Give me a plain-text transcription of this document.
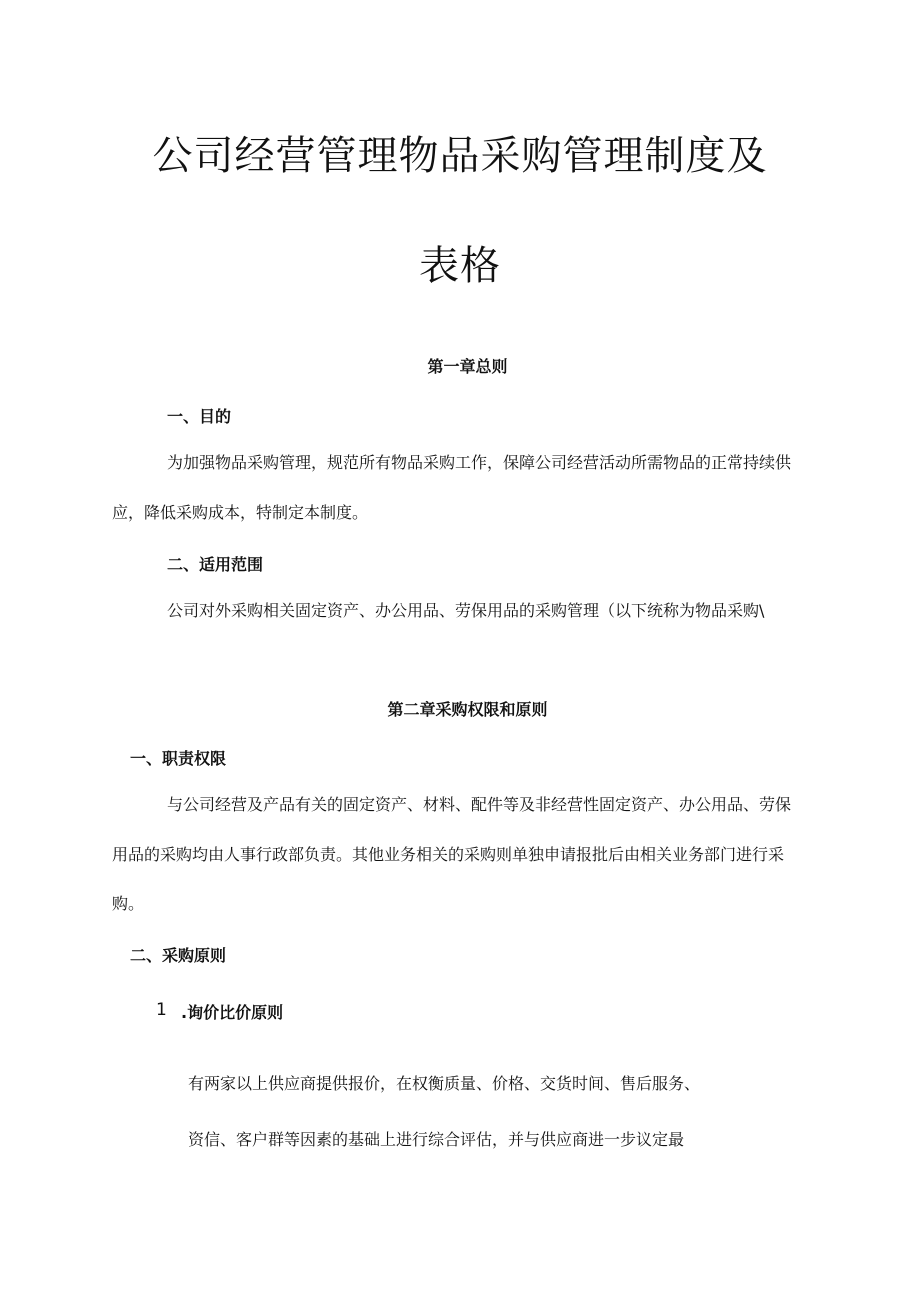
公司经营管理物品采购管理制度及
表格
第一章总则
一、目的
为加强物品采购管理，规范所有物品采购工作，保障公司经营活动所需物品的正常持续供
应，降低采购成本，特制定本制度。
二、适用范围
公司对外采购相关固定资产、办公用品、劳保用品的采购管理（以下统称为物品采购\
第二章采购权限和原则
一、职责权限
与公司经营及产品有关的固定资产、材料、配件等及非经营性固定资产、办公用品、劳保
用品的采购均由人事行政部负责。其他业务相关的采购则单独申请报批后由相关业务部门进行采
购。
二、采购原则
1 .询价比价原则
有两家以上供应商提供报价，在权衡质量、价格、交货时间、售后服务、
资信、客户群等因素的基础上进行综合评估，并与供应商进一步议定最
